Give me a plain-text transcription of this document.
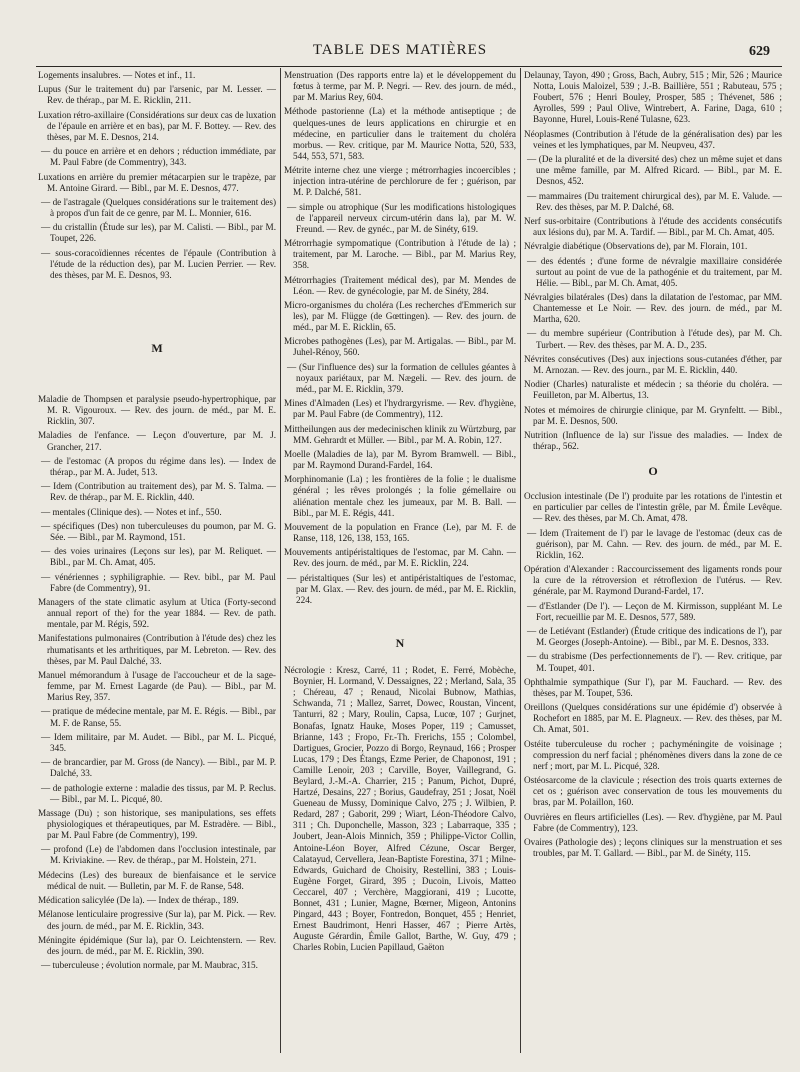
TABLE DES MATIÈRES	629

Logements insalubres. — Notes et inf., 11.

Lupus (Sur le traitement du) par l'arsenic, par M. Lesser. — Rev. de thérap., par M. E. Ricklin, 211.

Luxation rétro-axillaire (Considérations sur deux cas de luxation de l'épaule en arrière et en bas), par M. F. Bottey. — Rev. des thèses, par M. E. Desnos, 214.

— du pouce en arrière et en dehors ; réduction immédiate, par M. Paul Fabre (de Commentry), 343.

Luxations en arrière du premier métacarpien sur le trapèze, par M. Antoine Girard. — Bibl., par M. E. Desnos, 477.

— de l'astragale (Quelques considérations sur le traitement des) à propos d'un fait de ce genre, par M. L. Monnier, 616.

— du cristallin (Étude sur les), par M. Calisti. — Bibl., par M. Toupet, 226.

— sous-coracoïdiennes récentes de l'épaule (Contribution à l'étude de la réduction des), par M. Lucien Perrier. — Rev. des thèses, par M. E. Desnos, 93.

M

Maladie de Thompsen et paralysie pseudo-hypertrophique, par M. R. Vigouroux. — Rev. des journ. de méd., par M. E. Ricklin, 307.

Maladies de l'enfance. — Leçon d'ouverture, par M. J. Grancher, 217.

— de l'estomac (A propos du régime dans les). — Index de thérap., par M. A. Judet, 513.

— Idem (Contribution au traitement des), par M. S. Talma. — Rev. de thérap., par M. E. Ricklin, 440.

— mentales (Clinique des). — Notes et inf., 550.

— spécifiques (Des) non tuberculeuses du poumon, par M. G. Sée. — Bibl., par M. Raymond, 151.

— des voies urinaires (Leçons sur les), par M. Reliquet. — Bibl., par M. Ch. Amat, 405.

— vénériennes ; syphiligraphie. — Rev. bibl., par M. Paul Fabre (de Commentry), 91.

Managers of the state climatic asylum at Utica (Forty-second annual report of the) for the year 1884. — Rev. de path. mentale, par M. Régis, 592.

Manifestations pulmonaires (Contribution à l'étude des) chez les rhumatisants et les arthritiques, par M. Lebreton. — Rev. des thèses, par M. Paul Dalché, 33.

Manuel mémorandum à l'usage de l'accoucheur et de la sage-femme, par M. Ernest Lagarde (de Pau). — Bibl., par M. Marius Rey, 357.

— pratique de médecine mentale, par M. E. Régis. — Bibl., par M. F. de Ranse, 55.

— Idem militaire, par M. Audet. — Bibl., par M. L. Picqué, 345.

— de brancardier, par M. Gross (de Nancy). — Bibl., par M. P. Dalché, 33.

— de pathologie externe : maladie des tissus, par M. P. Reclus. — Bibl., par M. L. Picqué, 80.

Massage (Du) ; son historique, ses manipulations, ses effets physiologiques et thérapeutiques, par M. Estradère. — Bibl., par M. Paul Fabre (de Commentry), 199.

— profond (Le) de l'abdomen dans l'occlusion intestinale, par M. Kriviakine. — Rev. de thérap., par M. Holstein, 271.

Médecins (Les) des bureaux de bienfaisance et le service médical de nuit. — Bulletin, par M. F. de Ranse, 548.

Médication salicylée (De la). — Index de thérap., 189.

Mélanose lenticulaire progressive (Sur la), par M. Pick. — Rev. des journ. de méd., par M. E. Ricklin, 343.

Méningite épidémique (Sur la), par O. Leichtenstern. — Rev. des journ. de méd., par M. E. Ricklin, 390.

— tuberculeuse ; évolution normale, par M. Maubrac, 315.

Menstruation (Des rapports entre la) et le développement du fœtus à terme, par M. P. Negri. — Rev. des journ. de méd., par M. Marius Rey, 604.

Méthode pastorienne (La) et la méthode antiseptique ; de quelques-unes de leurs applications en chirurgie et en médecine, en particulier dans le traitement du choléra morbus. — Rev. critique, par M. Maurice Notta, 520, 533, 544, 553, 571, 583.

Métrite interne chez une vierge ; métrorrhagies incoercibles ; injection intra-utérine de perchlorure de fer ; guérison, par M. P. Dalché, 581.

— simple ou atrophique (Sur les modifications histologiques de l'appareil nerveux circum-utérin dans la), par M. W. Freund. — Rev. de gynéc., par M. de Sinéty, 619.

Métrorrhagie sympomatique (Contribution à l'étude de la) ; traitement, par M. Laroche. — Bibl., par M. Marius Rey, 358.

Métrorrhagies (Traitement médical des), par M. Mendes de Léon. — Rev. de gynécologie, par M. de Sinéty, 284.

Micro-organismes du choléra (Les recherches d'Emmerich sur les), par M. Flügge (de Gœttingen). — Rev. des journ. de méd., par M. E. Ricklin, 65.

Microbes pathogènes (Les), par M. Artigalas. — Bibl., par M. Juhel-Rénoy, 560.

— (Sur l'influence des) sur la formation de cellules géantes à noyaux pariétaux, par M. Nægeli. — Rev. des journ. de méd., par M. E. Ricklin, 379.

Mines d'Almaden (Les) et l'hydrargyrisme. — Rev. d'hygiène, par M. Paul Fabre (de Commentry), 112.

Mittheilungen aus der medecinischen klinik zu Würtzburg, par MM. Gehrardt et Müller. — Bibl., par M. A. Robin, 127.

Moelle (Maladies de la), par M. Byrom Bramwell. — Bibl., par M. Raymond Durand-Fardel, 164.

Morphinomanie (La) ; les frontières de la folie ; le dualisme général ; les rêves prolongés ; la folie gémellaire ou aliénation mentale chez les jumeaux, par M. B. Ball. — Bibl., par M. E. Régis, 441.

Mouvement de la population en France (Le), par M. F. de Ranse, 118, 126, 138, 153, 165.

Mouvements antipéristaltiques de l'estomac, par M. Cahn. — Rev. des journ. de méd., par M. E. Ricklin, 224.

— péristaltiques (Sur les) et antipéristaltiques de l'estomac, par M. Glax. — Rev. des journ. de méd., par M. E. Ricklin, 224.

N

Nécrologie : Kresz, Carré, 11 ; Rodet, E. Ferré, Mobèche, Boynier, H. Lormand, V. Dessaignes, 22 ; Merland, Sala, 35 ; Chéreau, 47 ; Renaud, Nicolai Bubnow, Mathias, Schwanda, 71 ; Mallez, Sarret, Dowec, Roustan, Vincent, Tanturri, 82 ; Mary, Roulin, Capsa, Lucœ, 107 ; Gurjnet, Bonafas, Ignatz Hauke, Moses Poper, 119 ; Camusset, Brianne, 143 ; Fropo, Fr.-Th. Frerichs, 155 ; Colombel, Dartigues, Grocier, Pozzo di Borgo, Reynaud, 166 ; Prosper Lucas, 179 ; Des Étangs, Ezme Perier, de Chaponost, 191 ; Camille Lenoir, 203 ; Carville, Boyer, Vaillegrand, G. Beylard, J.-M.-A. Charrier, 215 ; Panum, Pichot, Dupré, Hartzé, Desains, 227 ; Borius, Gaudefray, 251 ; Josat, Noël Gueneau de Mussy, Dominique Calvo, 275 ; J. Wilbien, P. Redard, 287 ; Gaborit, 299 ; Wiart, Léon-Théodore Calvo, 311 ; Ch. Duponchelle, Masson, 323 ; Labarraque, 335 ; Joubert, Jean-Alois Minnich, 359 ; Philippe-Victor Collin, Antoine-Léon Boyer, Alfred Cézune, Oscar Berger, Calatayud, Cervellera, Jean-Baptiste Forestina, 371 ; Milne-Edwards, Guichard de Choisity, Restellini, 383 ; Louis-Eugène Forget, Girard, 395 ; Ducoin, Livois, Matteo Ceccarel, 407 ; Verchère, Maggiorani, 419 ; Lucotte, Bonnet, 431 ; Lunier, Magne, Bœrner, Migeon, Antonins Pingard, 443 ; Boyer, Fontredon, Bonquet, 455 ; Henriet, Ernest Baudrimont, Henri Hasser, 467 ; Pierre Artès, Auguste Gérardin, Émile Gallot, Barthe, W. Guy, 479 ; Charles Robin, Lucien Papillaud, Gaëton

Delaunay, Tayon, 490 ; Gross, Bach, Aubry, 515 ; Mir, 526 ; Maurice Notta, Louis Maloizel, 539 ; J.-B. Baillière, 551 ; Rabuteau, 575 ; Foubert, 576 ; Henri Bouley, Prosper, 585 ; Thévenet, 586 ; Ayrolles, 599 ; Paul Olive, Wintrebert, A. Farine, Daga, 610 ; Bayonne, Hurel, Louis-René Tulasne, 623.

Néoplasmes (Contribution à l'étude de la généralisation des) par les veines et les lymphatiques, par M. Neupveu, 437.

— (De la pluralité et de la diversité des) chez un même sujet et dans une même famille, par M. Alfred Ricard. — Bibl., par M. E. Desnos, 452.

— mammaires (Du traitement chirurgical des), par M. E. Valude. — Rev. des thèses, par M. P. Dalché, 68.

Nerf sus-orbitaire (Contributions à l'étude des accidents consécutifs aux lésions du), par M. A. Tardif. — Bibl., par M. Ch. Amat, 405.

Névralgie diabétique (Observations de), par M. Florain, 101.

— des édentés ; d'une forme de névralgie maxillaire considérée surtout au point de vue de la pathogénie et du traitement, par M. Hélie. — Bibl., par M. Ch. Amat, 405.

Névralgies bilatérales (Des) dans la dilatation de l'estomac, par MM. Chantemesse et Le Noir. — Rev. des journ. de méd., par M. Martha, 620.

— du membre supérieur (Contribution à l'étude des), par M. Ch. Turbert. — Rev. des thèses, par M. A. D., 235.

Névrites consécutives (Des) aux injections sous-cutanées d'éther, par M. Arnozan. — Rev. des journ., par M. E. Ricklin, 440.

Nodier (Charles) naturaliste et médecin ; sa théorie du choléra. — Feuilleton, par M. Albertus, 13.

Notes et mémoires de chirurgie clinique, par M. Grynfeltt. — Bibl., par M. E. Desnos, 500.

Nutrition (Influence de la) sur l'issue des maladies. — Index de thérap., 562.

O

Occlusion intestinale (De l') produite par les rotations de l'intestin et en particulier par celles de l'intestin grêle, par M. Émile Levêque. — Rev. des thèses, par M. Ch. Amat, 478.

— Idem (Traitement de l') par le lavage de l'estomac (deux cas de guérison), par M. Cahn. — Rev. des journ. de méd., par M. E. Ricklin, 162.

Opération d'Alexander : Raccourcissement des ligaments ronds pour la cure de la rétroversion et rétroflexion de l'utérus. — Rev. générale, par M. Raymond Durand-Fardel, 17.

— d'Estlander (De l'). — Leçon de M. Kirmisson, suppléant M. Le Fort, recueillie par M. E. Desnos, 577, 589.

— de Letiévant (Estlander) (Étude critique des indications de l'), par M. Georges (Joseph-Antoine). — Bibl., par M. E. Desnos, 333.

— du strabisme (Des perfectionnements de l'). — Rev. critique, par M. Toupet, 401.

Ophthalmie sympathique (Sur l'), par M. Fauchard. — Rev. des thèses, par M. Toupet, 536.

Oreillons (Quelques considérations sur une épidémie d') observée à Rochefort en 1885, par M. E. Plagneux. — Rev. des thèses, par M. Ch. Amat, 501.

Ostéite tuberculeuse du rocher ; pachyméningite de voisinage ; compression du nerf facial ; phénomènes divers dans la zone de ce nerf ; mort, par M. L. Picqué, 328.

Ostéosarcome de la clavicule ; résection des trois quarts externes de cet os ; guérison avec conservation de tous les mouvements du bras, par M. Polaillon, 160.

Ouvrières en fleurs artificielles (Les). — Rev. d'hygiène, par M. Paul Fabre (de Commentry), 123.

Ovaires (Pathologie des) ; leçons cliniques sur la menstruation et ses troubles, par M. T. Gallard. — Bibl., par M. de Sinéty, 115.
